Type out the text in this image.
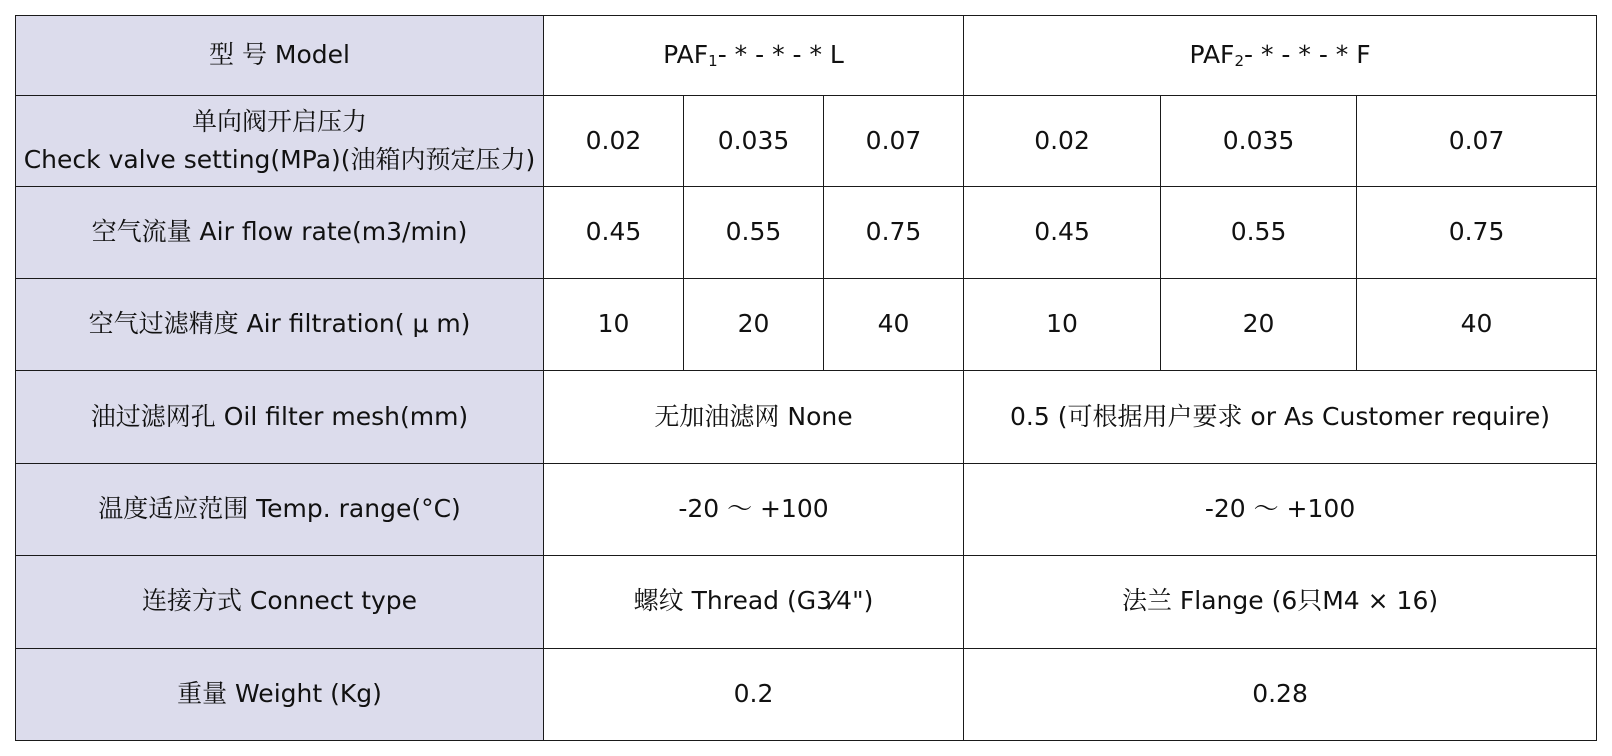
型 号 Model	$PAF_1-$ * - * - * L			$PAF_2-$ * - * - * F		

单向阀开启压力
Check valve setting(MPa)(油箱内预定压力)	0.02	0.035	0.07	0.02	0.035	0.07
空气流量 Air flow rate(m3/min)	0.45	0.55	0.75	0.45	0.55	0.75
空气过滤精度 Air filtration( μ m)	10	20	40	10	20	40
油过滤网孔 Oil filter mesh(mm)	无加油滤网 None			0.5 (可根据用户要求 or As Customer require)		
温度适应范围 Temp. range(°C)	-20 ～ +100			-20 ～ +100		
连接方式 Connect type	螺纹 Thread (G3⁄4")			法兰 Flange (6只M4 × 16)		
重量 Weight (Kg)	0.2			0.28		
